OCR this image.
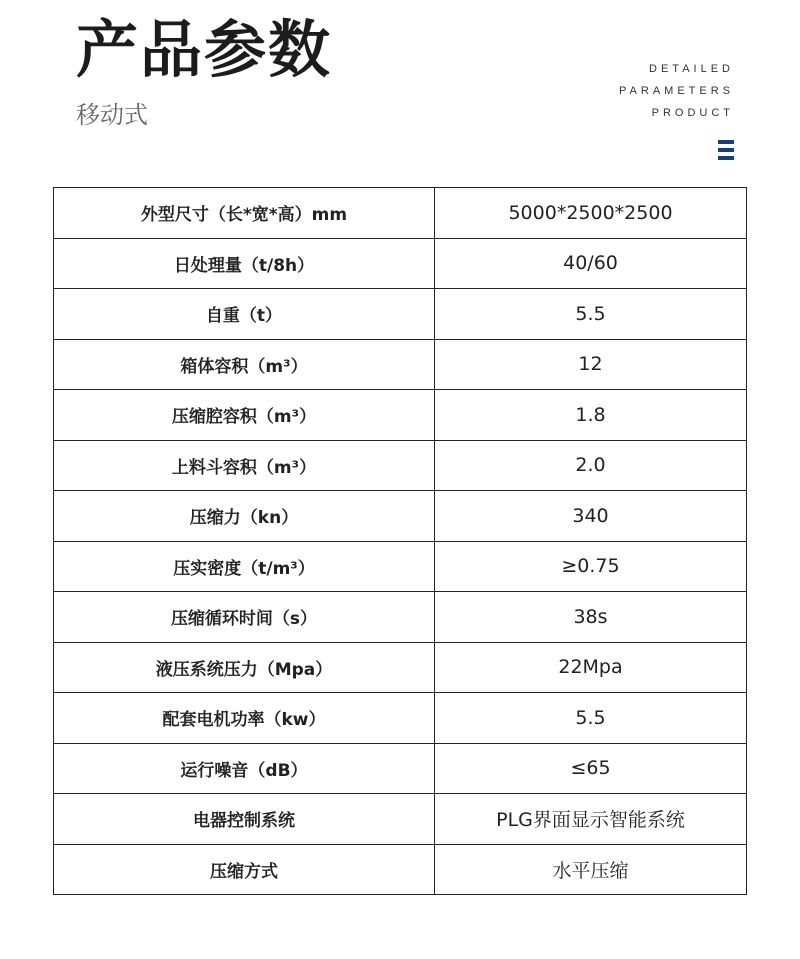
产品参数
移动式
DETAILED
PARAMETERS
PRODUCT
外型尺寸（长*宽*高）mm	5000*2500*2500
日处理量（t/8h）	40/60
自重（t）	5.5
箱体容积（m³）	12
压缩腔容积（m³）	1.8
上料斗容积（m³）	2.0
压缩力（kn）	340
压实密度（t/m³）	≥0.75
压缩循环时间（s）	38s
液压系统压力（Mpa）	22Mpa
配套电机功率（kw）	5.5
运行噪音（dB）	≤65
电器控制系统	PLG界面显示智能系统
压缩方式	水平压缩
